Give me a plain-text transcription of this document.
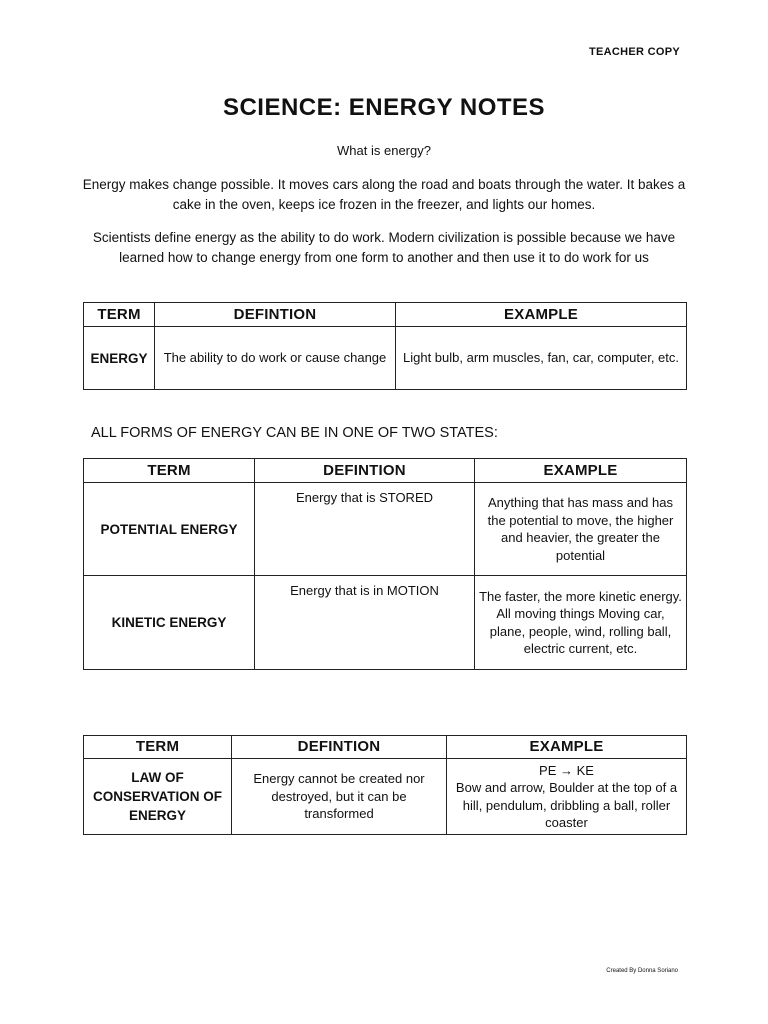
TEACHER COPY
SCIENCE: ENERGY NOTES
What is energy?
Energy makes change possible. It moves cars along the road and boats through the water. It bakes a cake in the oven, keeps ice frozen in the freezer, and lights our homes.
Scientists define energy as the ability to do work. Modern civilization is possible because we have learned how to change energy from one form to another and then use it to do work for us
TERM	DEFINTION	EXAMPLE
ENERGY	The ability to do work or cause change	Light bulb, arm muscles, fan, car, computer, etc.
ALL FORMS OF ENERGY CAN BE IN ONE OF TWO STATES:
TERM	DEFINTION	EXAMPLE
POTENTIAL ENERGY	Energy that is STORED	Anything that has mass and has the potential to move, the higher and heavier, the greater the potential
KINETIC ENERGY	Energy that is in MOTION	The faster, the more kinetic energy. All moving things Moving car, plane, people, wind, rolling ball, electric current, etc.
TERM	DEFINTION	EXAMPLE
LAW OF CONSERVATION OF ENERGY	Energy cannot be created nor destroyed, but it can be transformed	PE → KE
Bow and arrow, Boulder at the top of a hill, pendulum, dribbling a ball, roller coaster
Created By Donna Soriano
